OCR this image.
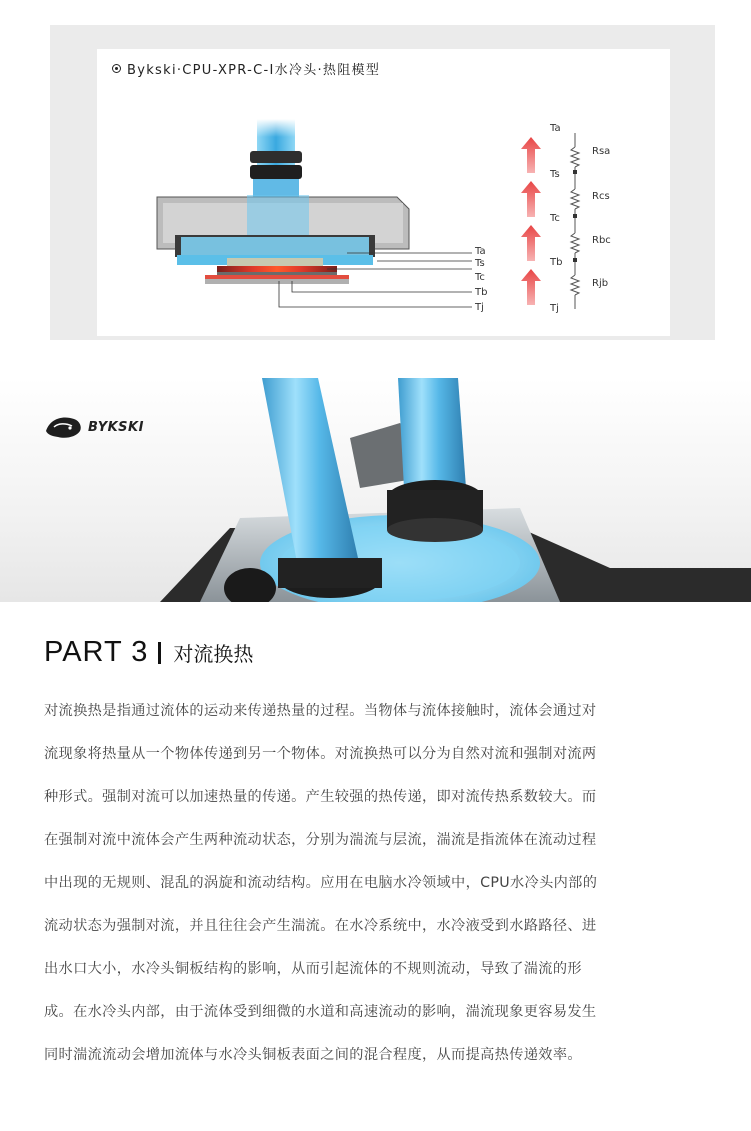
Bykski·CPU-XPR-C-I水冷头·热阻模型
Ta
Ts
Tc
Tb
Tj
Rsa
Rcs
Rbc
Rjb
Ta
Ts
Tc
Tb
Tj
BYKSKI
PART 3 对流换热
对流换热是指通过流体的运动来传递热量的过程。当物体与流体接触时，流体会通过对
流现象将热量从一个物体传递到另一个物体。对流换热可以分为自然对流和强制对流两
种形式。强制对流可以加速热量的传递。产生较强的热传递，即对流传热系数较大。而
在强制对流中流体会产生两种流动状态，分别为湍流与层流，湍流是指流体在流动过程
中出现的无规则、混乱的涡旋和流动结构。应用在电脑水冷领域中，CPU水冷头内部的
流动状态为强制对流，并且往往会产生湍流。在水冷系统中，水冷液受到水路路径、进
出水口大小，水冷头铜板结构的影响，从而引起流体的不规则流动，导致了湍流的形
成。在水冷头内部，由于流体受到细微的水道和高速流动的影响，湍流现象更容易发生
同时湍流流动会增加流体与水冷头铜板表面之间的混合程度，从而提高热传递效率。
